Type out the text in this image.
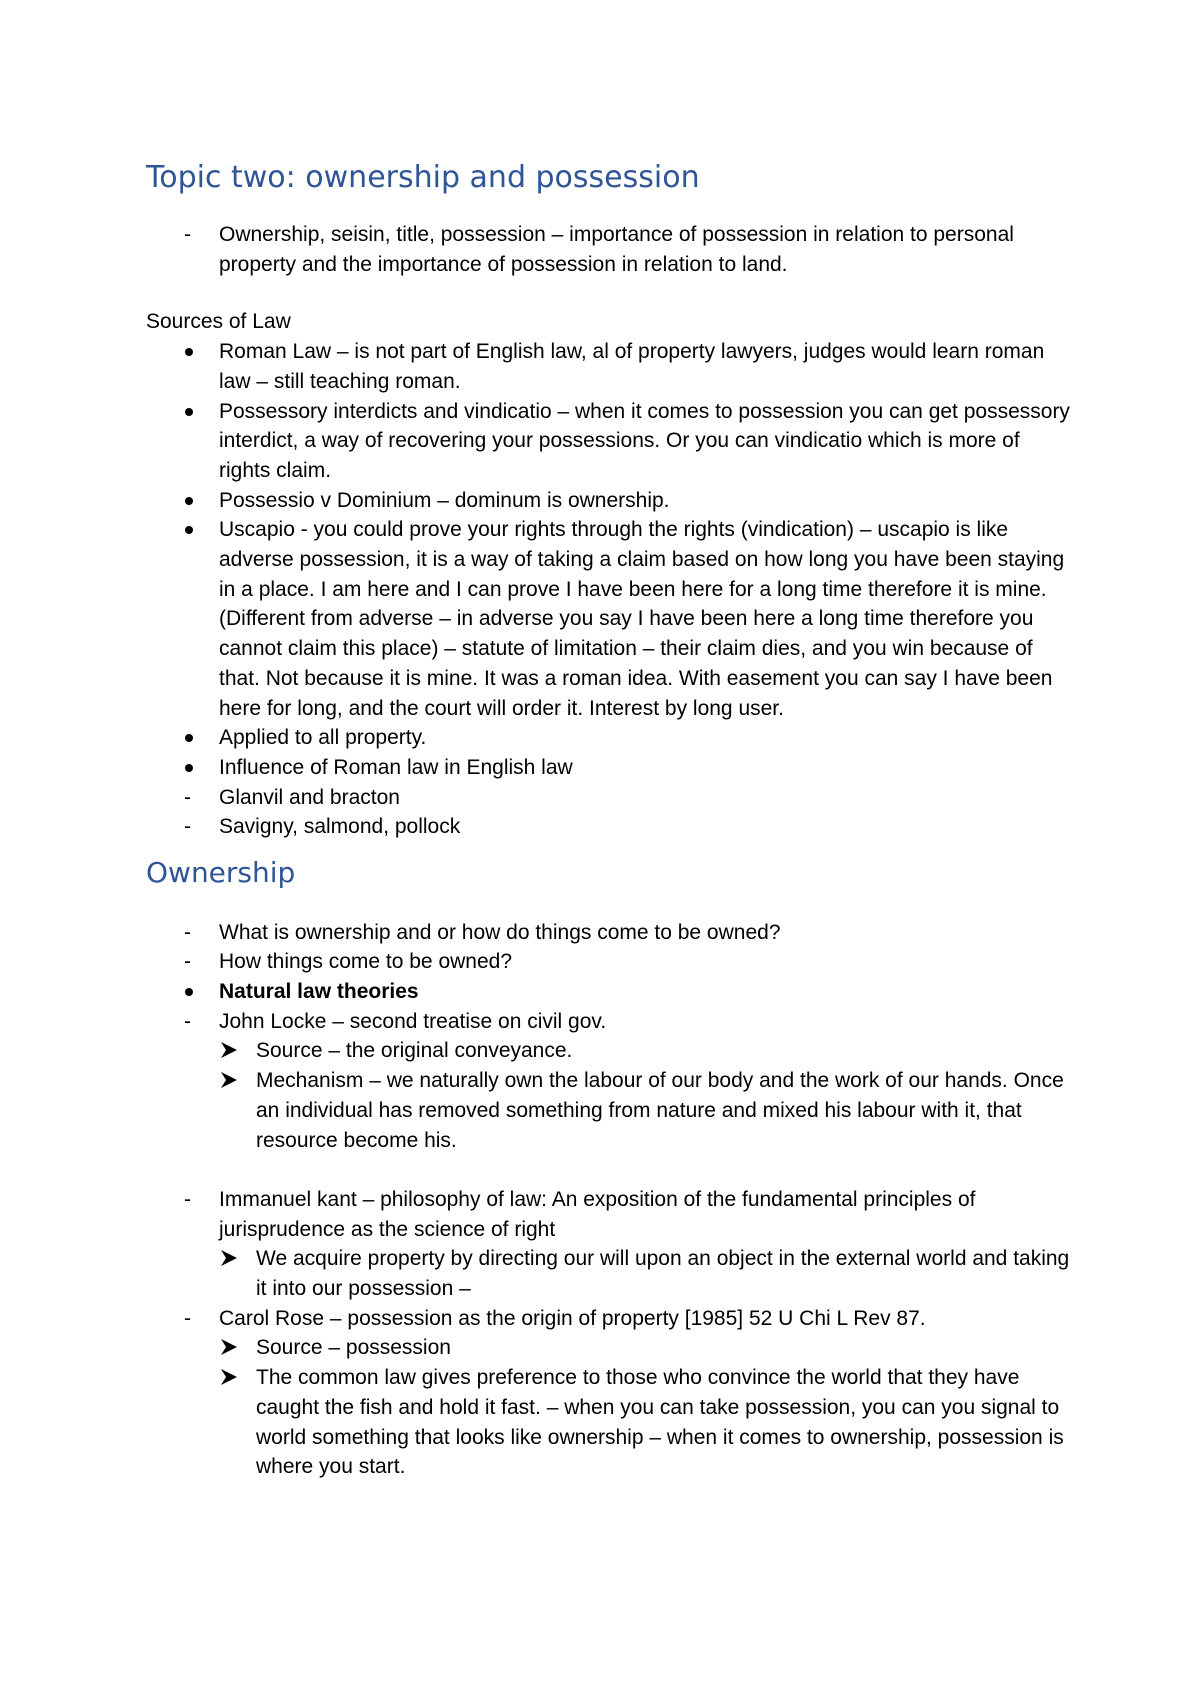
Topic two: ownership and possession
-
Ownership, seisin, title, possession – importance of possession in relation to personal property and the importance of possession in relation to land.
Sources of Law
Roman Law – is not part of English law, al of property lawyers, judges would learn roman law – still teaching roman.
Possessory interdicts and vindicatio – when it comes to possession you can get possessory interdict, a way of recovering your possessions. Or you can vindicatio which is more of rights claim.
Possessio v Dominium – dominum is ownership.
Uscapio - you could prove your rights through the rights (vindication) – uscapio is like adverse possession, it is a way of taking a claim based on how long you have been staying in a place. I am here and I can prove I have been here for a long time therefore it is mine. (Different from adverse – in adverse you say I have been here a long time therefore you cannot claim this place) – statute of limitation – their claim dies, and you win because of that. Not because it is mine. It was a roman idea. With easement you can say I have been here for long, and the court will order it. Interest by long user.
Applied to all property.
Influence of Roman law in English law
-
Glanvil and bracton
-
Savigny, salmond, pollock
Ownership
-
What is ownership and or how do things come to be owned?
-
How things come to be owned?
Natural law theories
-
John Locke – second treatise on civil gov.
Source – the original conveyance.
Mechanism – we naturally own the labour of our body and the work of our hands. Once an individual has removed something from nature and mixed his labour with it, that resource become his.
-
Immanuel kant – philosophy of law: An exposition of the fundamental principles of jurisprudence as the science of right
We acquire property by directing our will upon an object in the external world and taking it into our possession –
-
Carol Rose – possession as the origin of property [1985] 52 U Chi L Rev 87.
Source – possession
The common law gives preference to those who convince the world that they have caught the fish and hold it fast. – when you can take possession, you can you signal to world something that looks like ownership – when it comes to ownership, possession is where you start.
